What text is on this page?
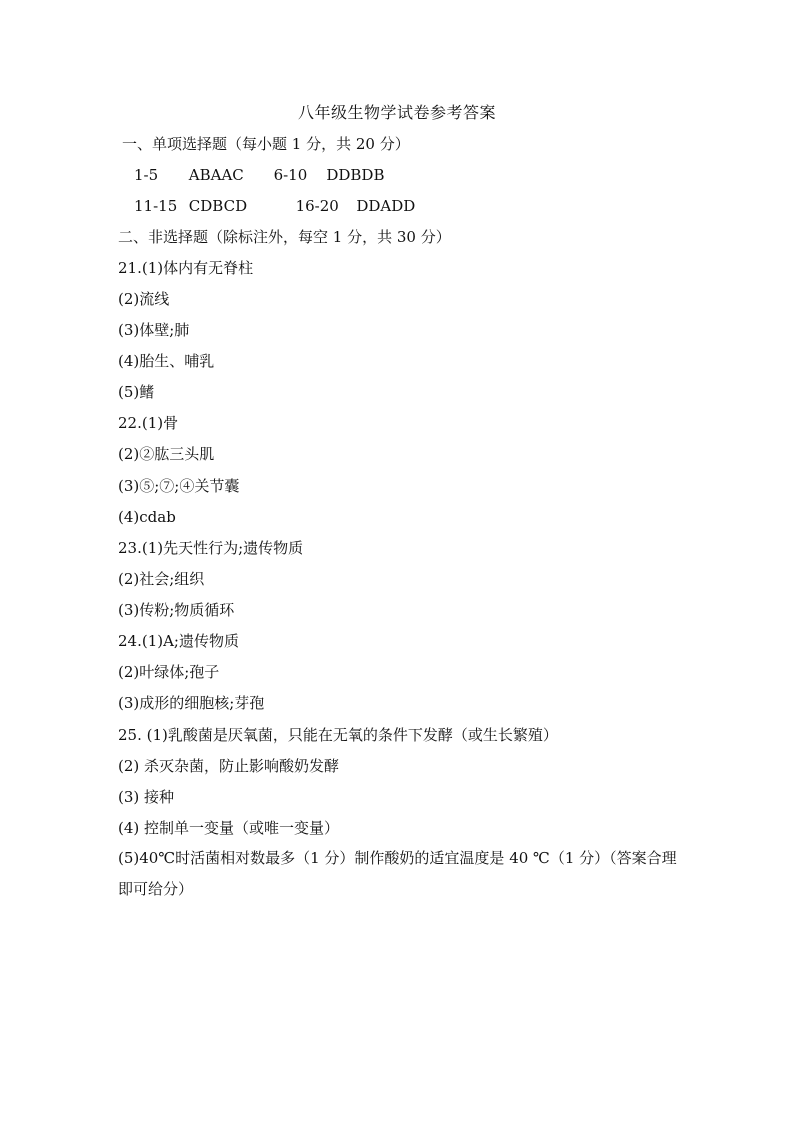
八年级生物学试卷参考答案
一、单项选择题（每小题 1 分，共 20 分）
1-5 ABAAC 6-10 DDBDB
11-15 CDBCD	16-20 DDADD
二、非选择题（除标注外，每空 1 分，共 30 分）
21.(1)体内有无脊柱
(2)流线
(3)体壁;肺
(4)胎生、哺乳
(5)鳍
22.(1)骨
(2)②肱三头肌
(3)⑤;⑦;④关节囊
(4)cdab
23.(1)先天性行为;遗传物质
(2)社会;组织
(3)传粉;物质循环
24.(1)A;遗传物质
(2)叶绿体;孢子
(3)成形的细胞核;芽孢
25. (1)乳酸菌是厌氧菌，只能在无氧的条件下发酵（或生长繁殖）
(2) 杀灭杂菌，防止影响酸奶发酵
(3) 接种
(4) 控制单一变量（或唯一变量）
(5)40℃时活菌相对数最多（1 分）制作酸奶的适宜温度是 40 ℃（1 分）（答案合理即可给分）
